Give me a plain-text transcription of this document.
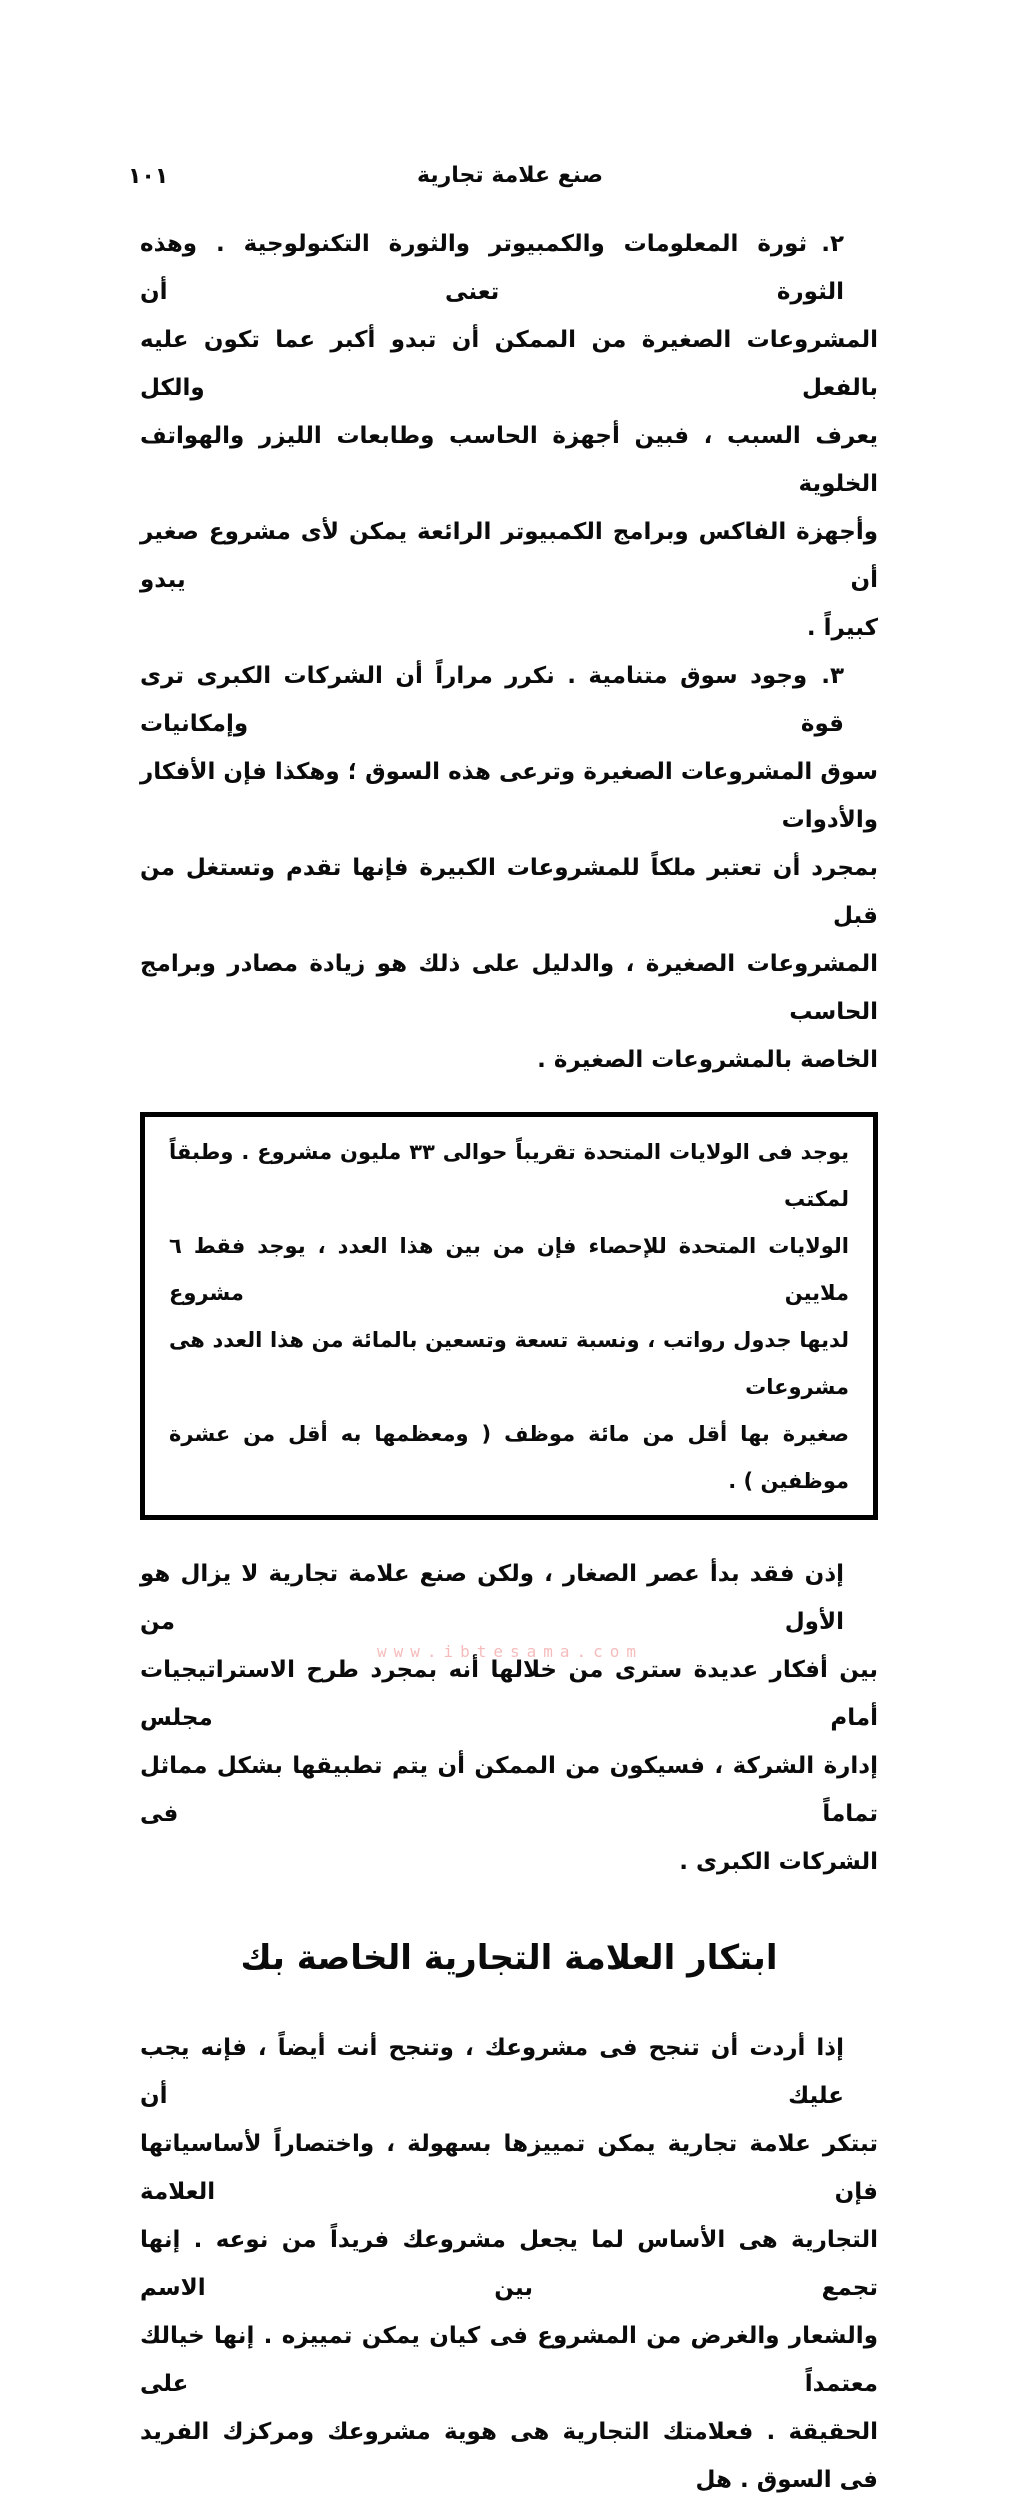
١٠١	صنع علامة تجارية
٢.ثورة المعلومات والكمبيوتر والثورة التكنولوجية . وهذه الثورة تعنى أن
المشروعات الصغيرة من الممكن أن تبدو أكبر عما تكون عليه بالفعل والكل
يعرف السبب ، فبين أجهزة الحاسب وطابعات الليزر والهواتف الخلوية
وأجهزة الفاكس وبرامج الكمبيوتر الرائعة يمكن لأى مشروع صغير أن يبدو
كبيراً .
٣.وجود سوق متنامية . نكرر مراراً أن الشركات الكبرى ترى قوة وإمكانيات
سوق المشروعات الصغيرة وترعى هذه السوق ؛ وهكذا فإن الأفكار والأدوات
بمجرد أن تعتبر ملكاً للمشروعات الكبيرة فإنها تقدم وتستغل من قبل
المشروعات الصغيرة ، والدليل على ذلك هو زيادة مصادر وبرامج الحاسب
الخاصة بالمشروعات الصغيرة .
يوجد فى الولايات المتحدة تقريباً حوالى ٣٣ مليون مشروع . وطبقاً لمكتب
الولايات المتحدة للإحصاء فإن من بين هذا العدد ، يوجد فقط ٦ ملايين مشروع
لديها جدول رواتب ، ونسبة تسعة وتسعين بالمائة من هذا العدد هى مشروعات
صغيرة بها أقل من مائة موظف ( ومعظمها به أقل من عشرة موظفين ) .
إذن فقد بدأ عصر الصغار ، ولكن صنع علامة تجارية لا يزال هو الأول من
بين أفكار عديدة سترى من خلالها أنه بمجرد طرح الاستراتيجيات أمام مجلس
إدارة الشركة ، فسيكون من الممكن أن يتم تطبيقها بشكل مماثل تماماً فى
الشركات الكبرى .
ابتكار العلامة التجارية الخاصة بك
إذا أردت أن تنجح فى مشروعك ، وتنجح أنت أيضاً ، فإنه يجب عليك أن
تبتكر علامة تجارية يمكن تمييزها بسهولة ، واختصاراً لأساسياتها فإن العلامة
التجارية هى الأساس لما يجعل مشروعك فريداً من نوعه . إنها تجمع بين الاسم
والشعار والغرض من المشروع فى كيان يمكن تمييزه . إنها خيالك معتمداً على
الحقيقة . فعلامتك التجارية هى هوية مشروعك ومركزك الفريد فى السوق . هل
www.ibtesama.com
